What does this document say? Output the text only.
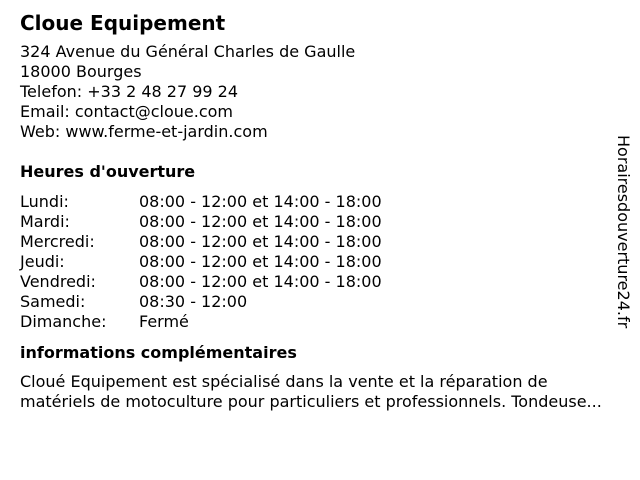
Cloue Equipement
324 Avenue du Général Charles de Gaulle
18000 Bourges
Telefon: +33 2 48 27 99 24
Email: contact@cloue.com
Web: www.ferme-et-jardin.com
Heures d'ouverture
Lundi:	08:00 - 12:00 et 14:00 - 18:00
Mardi:	08:00 - 12:00 et 14:00 - 18:00
Mercredi:	08:00 - 12:00 et 14:00 - 18:00
Jeudi:	08:00 - 12:00 et 14:00 - 18:00
Vendredi:	08:00 - 12:00 et 14:00 - 18:00
Samedi:	08:30 - 12:00
Dimanche:	Fermé
informations complémentaires

Cloué Equipement est spécialisé dans la vente et la réparation de matériels de motoculture pour particuliers et professionnels. Tondeuse...

Horairesdouverture24.fr
